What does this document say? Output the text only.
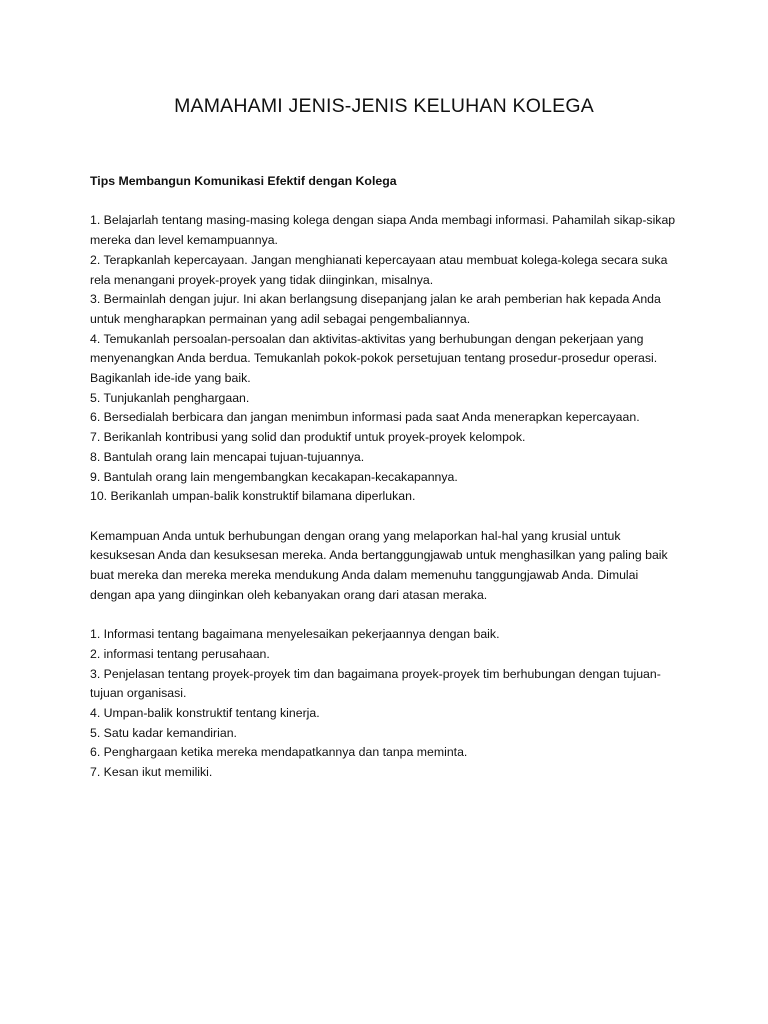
MAMAHAMI JENIS-JENIS KELUHAN KOLEGA

Tips Membangun Komunikasi Efektif dengan Kolega

1. Belajarlah tentang masing-masing kolega dengan siapa Anda membagi informasi. Pahamilah sikap-sikap mereka dan level kemampuannya.

2. Terapkanlah kepercayaan. Jangan menghianati kepercayaan atau membuat kolega-kolega secara suka rela menangani proyek-proyek yang tidak diinginkan, misalnya.

3. Bermainlah dengan jujur. Ini akan berlangsung disepanjang jalan ke arah pemberian hak kepada Anda untuk mengharapkan permainan yang adil sebagai pengembaliannya.

4. Temukanlah persoalan-persoalan dan aktivitas-aktivitas yang berhubungan dengan pekerjaan yang menyenangkan Anda berdua. Temukanlah pokok-pokok persetujuan tentang prosedur-prosedur operasi. Bagikanlah ide-ide yang baik.

5. Tunjukanlah penghargaan.

6. Bersedialah berbicara dan jangan menimbun informasi pada saat Anda menerapkan kepercayaan.

7. Berikanlah kontribusi yang solid dan produktif untuk proyek-proyek kelompok.

8. Bantulah orang lain mencapai tujuan-tujuannya.

9. Bantulah orang lain mengembangkan kecakapan-kecakapannya.

10. Berikanlah umpan-balik konstruktif bilamana diperlukan.

Kemampuan Anda untuk berhubungan dengan orang yang melaporkan hal-hal yang krusial untuk kesuksesan Anda dan kesuksesan mereka. Anda bertanggungjawab untuk menghasilkan yang paling baik buat mereka dan mereka mereka mendukung Anda dalam memenuhu tanggungjawab Anda. Dimulai dengan apa yang diinginkan oleh kebanyakan orang dari atasan meraka.

1. Informasi tentang bagaimana menyelesaikan pekerjaannya dengan baik.

2. informasi tentang perusahaan.

3. Penjelasan tentang proyek-proyek tim dan bagaimana proyek-proyek tim berhubungan dengan tujuan-tujuan organisasi.

4. Umpan-balik konstruktif tentang kinerja.

5. Satu kadar kemandirian.

6. Penghargaan ketika mereka mendapatkannya dan tanpa meminta.

7. Kesan ikut memiliki.
